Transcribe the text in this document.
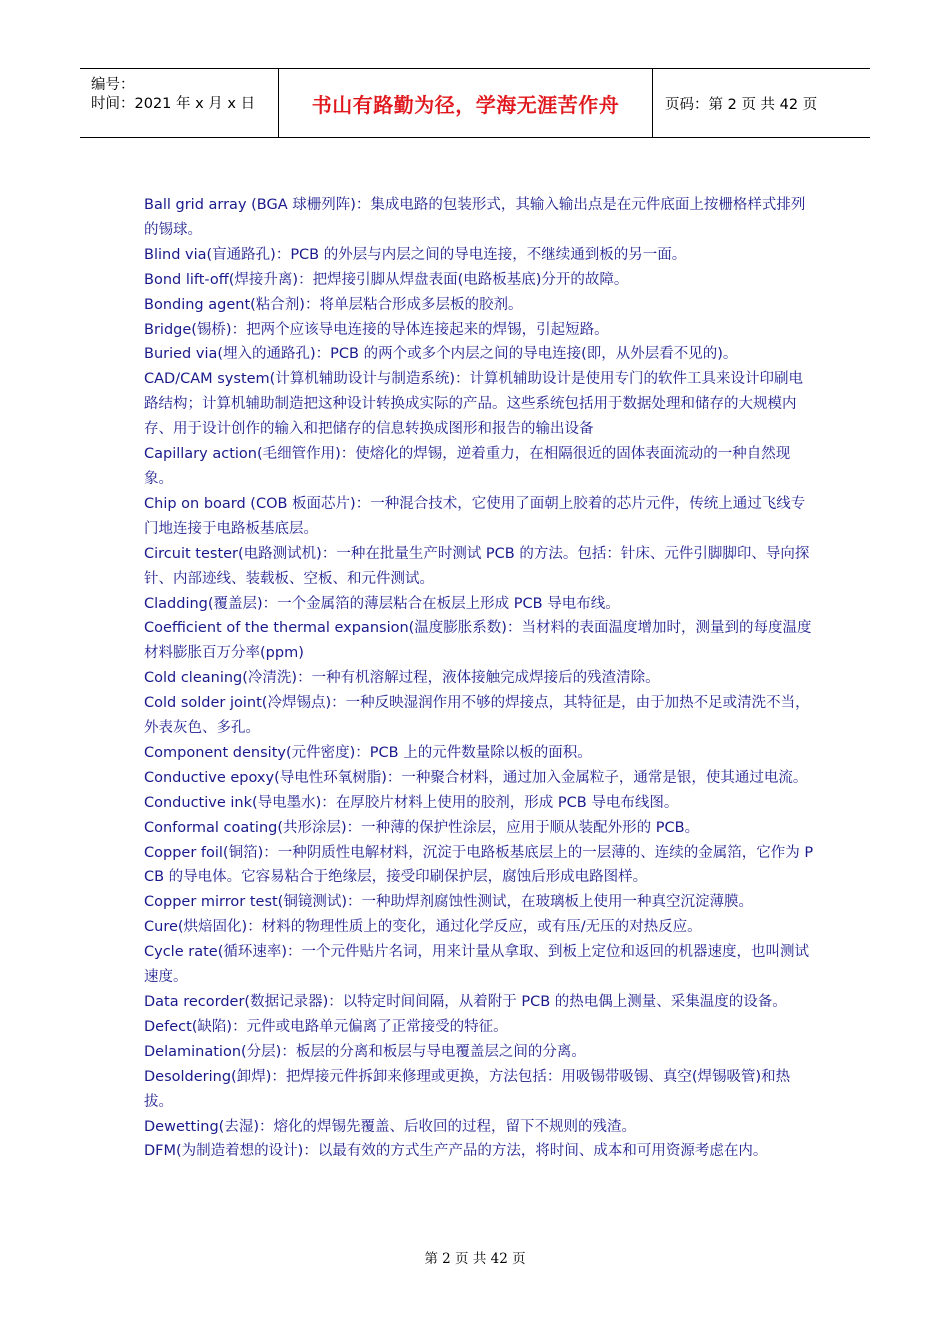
编号：
时间：2021 年 x 月 x 日	书山有路勤为径，学海无涯苦作舟	页码：第 2 页 共 42 页

Ball grid array (BGA 球栅列阵)：集成电路的包装形式，其输入输出点是在元件底面上按栅格样式排列的锡球。

Blind via(盲通路孔)：PCB 的外层与内层之间的导电连接，不继续通到板的另一面。

Bond lift-off(焊接升离)：把焊接引脚从焊盘表面(电路板基底)分开的故障。

Bonding agent(粘合剂)：将单层粘合形成多层板的胶剂。

Bridge(锡桥)：把两个应该导电连接的导体连接起来的焊锡，引起短路。

Buried via(埋入的通路孔)：PCB 的两个或多个内层之间的导电连接(即，从外层看不见的)。

CAD/CAM system(计算机辅助设计与制造系统)：计算机辅助设计是使用专门的软件工具来设计印刷电路结构；计算机辅助制造把这种设计转换成实际的产品。这些系统包括用于数据处理和储存的大规模内存、用于设计创作的输入和把储存的信息转换成图形和报告的输出设备

Capillary action(毛细管作用)：使熔化的焊锡，逆着重力，在相隔很近的固体表面流动的一种自然现象。

Chip on board (COB 板面芯片)：一种混合技术，它使用了面朝上胶着的芯片元件，传统上通过飞线专门地连接于电路板基底层。

Circuit tester(电路测试机)：一种在批量生产时测试 PCB 的方法。包括：针床、元件引脚脚印、导向探针、内部迹线、装载板、空板、和元件测试。

Cladding(覆盖层)：一个金属箔的薄层粘合在板层上形成 PCB 导电布线。

Coefficient of the thermal expansion(温度膨胀系数)：当材料的表面温度增加时，测量到的每度温度材料膨胀百万分率(ppm)

Cold cleaning(冷清洗)：一种有机溶解过程，液体接触完成焊接后的残渣清除。

Cold solder joint(冷焊锡点)：一种反映湿润作用不够的焊接点，其特征是，由于加热不足或清洗不当，外表灰色、多孔。

Component density(元件密度)：PCB 上的元件数量除以板的面积。

Conductive epoxy(导电性环氧树脂)：一种聚合材料，通过加入金属粒子，通常是银，使其通过电流。

Conductive ink(导电墨水)：在厚胶片材料上使用的胶剂，形成 PCB 导电布线图。

Conformal coating(共形涂层)：一种薄的保护性涂层，应用于顺从装配外形的 PCB。

Copper foil(铜箔)：一种阴质性电解材料，沉淀于电路板基底层上的一层薄的、连续的金属箔，它作为 PCB 的导电体。它容易粘合于绝缘层，接受印刷保护层，腐蚀后形成电路图样。

Copper mirror test(铜镜测试)：一种助焊剂腐蚀性测试，在玻璃板上使用一种真空沉淀薄膜。

Cure(烘焙固化)：材料的物理性质上的变化，通过化学反应，或有压/无压的对热反应。

Cycle rate(循环速率)：一个元件贴片名词，用来计量从拿取、到板上定位和返回的机器速度，也叫测试速度。

Data recorder(数据记录器)：以特定时间间隔，从着附于 PCB 的热电偶上测量、采集温度的设备。

Defect(缺陷)：元件或电路单元偏离了正常接受的特征。

Delamination(分层)：板层的分离和板层与导电覆盖层之间的分离。

Desoldering(卸焊)：把焊接元件拆卸来修理或更换，方法包括：用吸锡带吸锡、真空(焊锡吸管)和热拔。

Dewetting(去湿)：熔化的焊锡先覆盖、后收回的过程，留下不规则的残渣。

DFM(为制造着想的设计)：以最有效的方式生产产品的方法，将时间、成本和可用资源考虑在内。

第 2 页 共 42 页
